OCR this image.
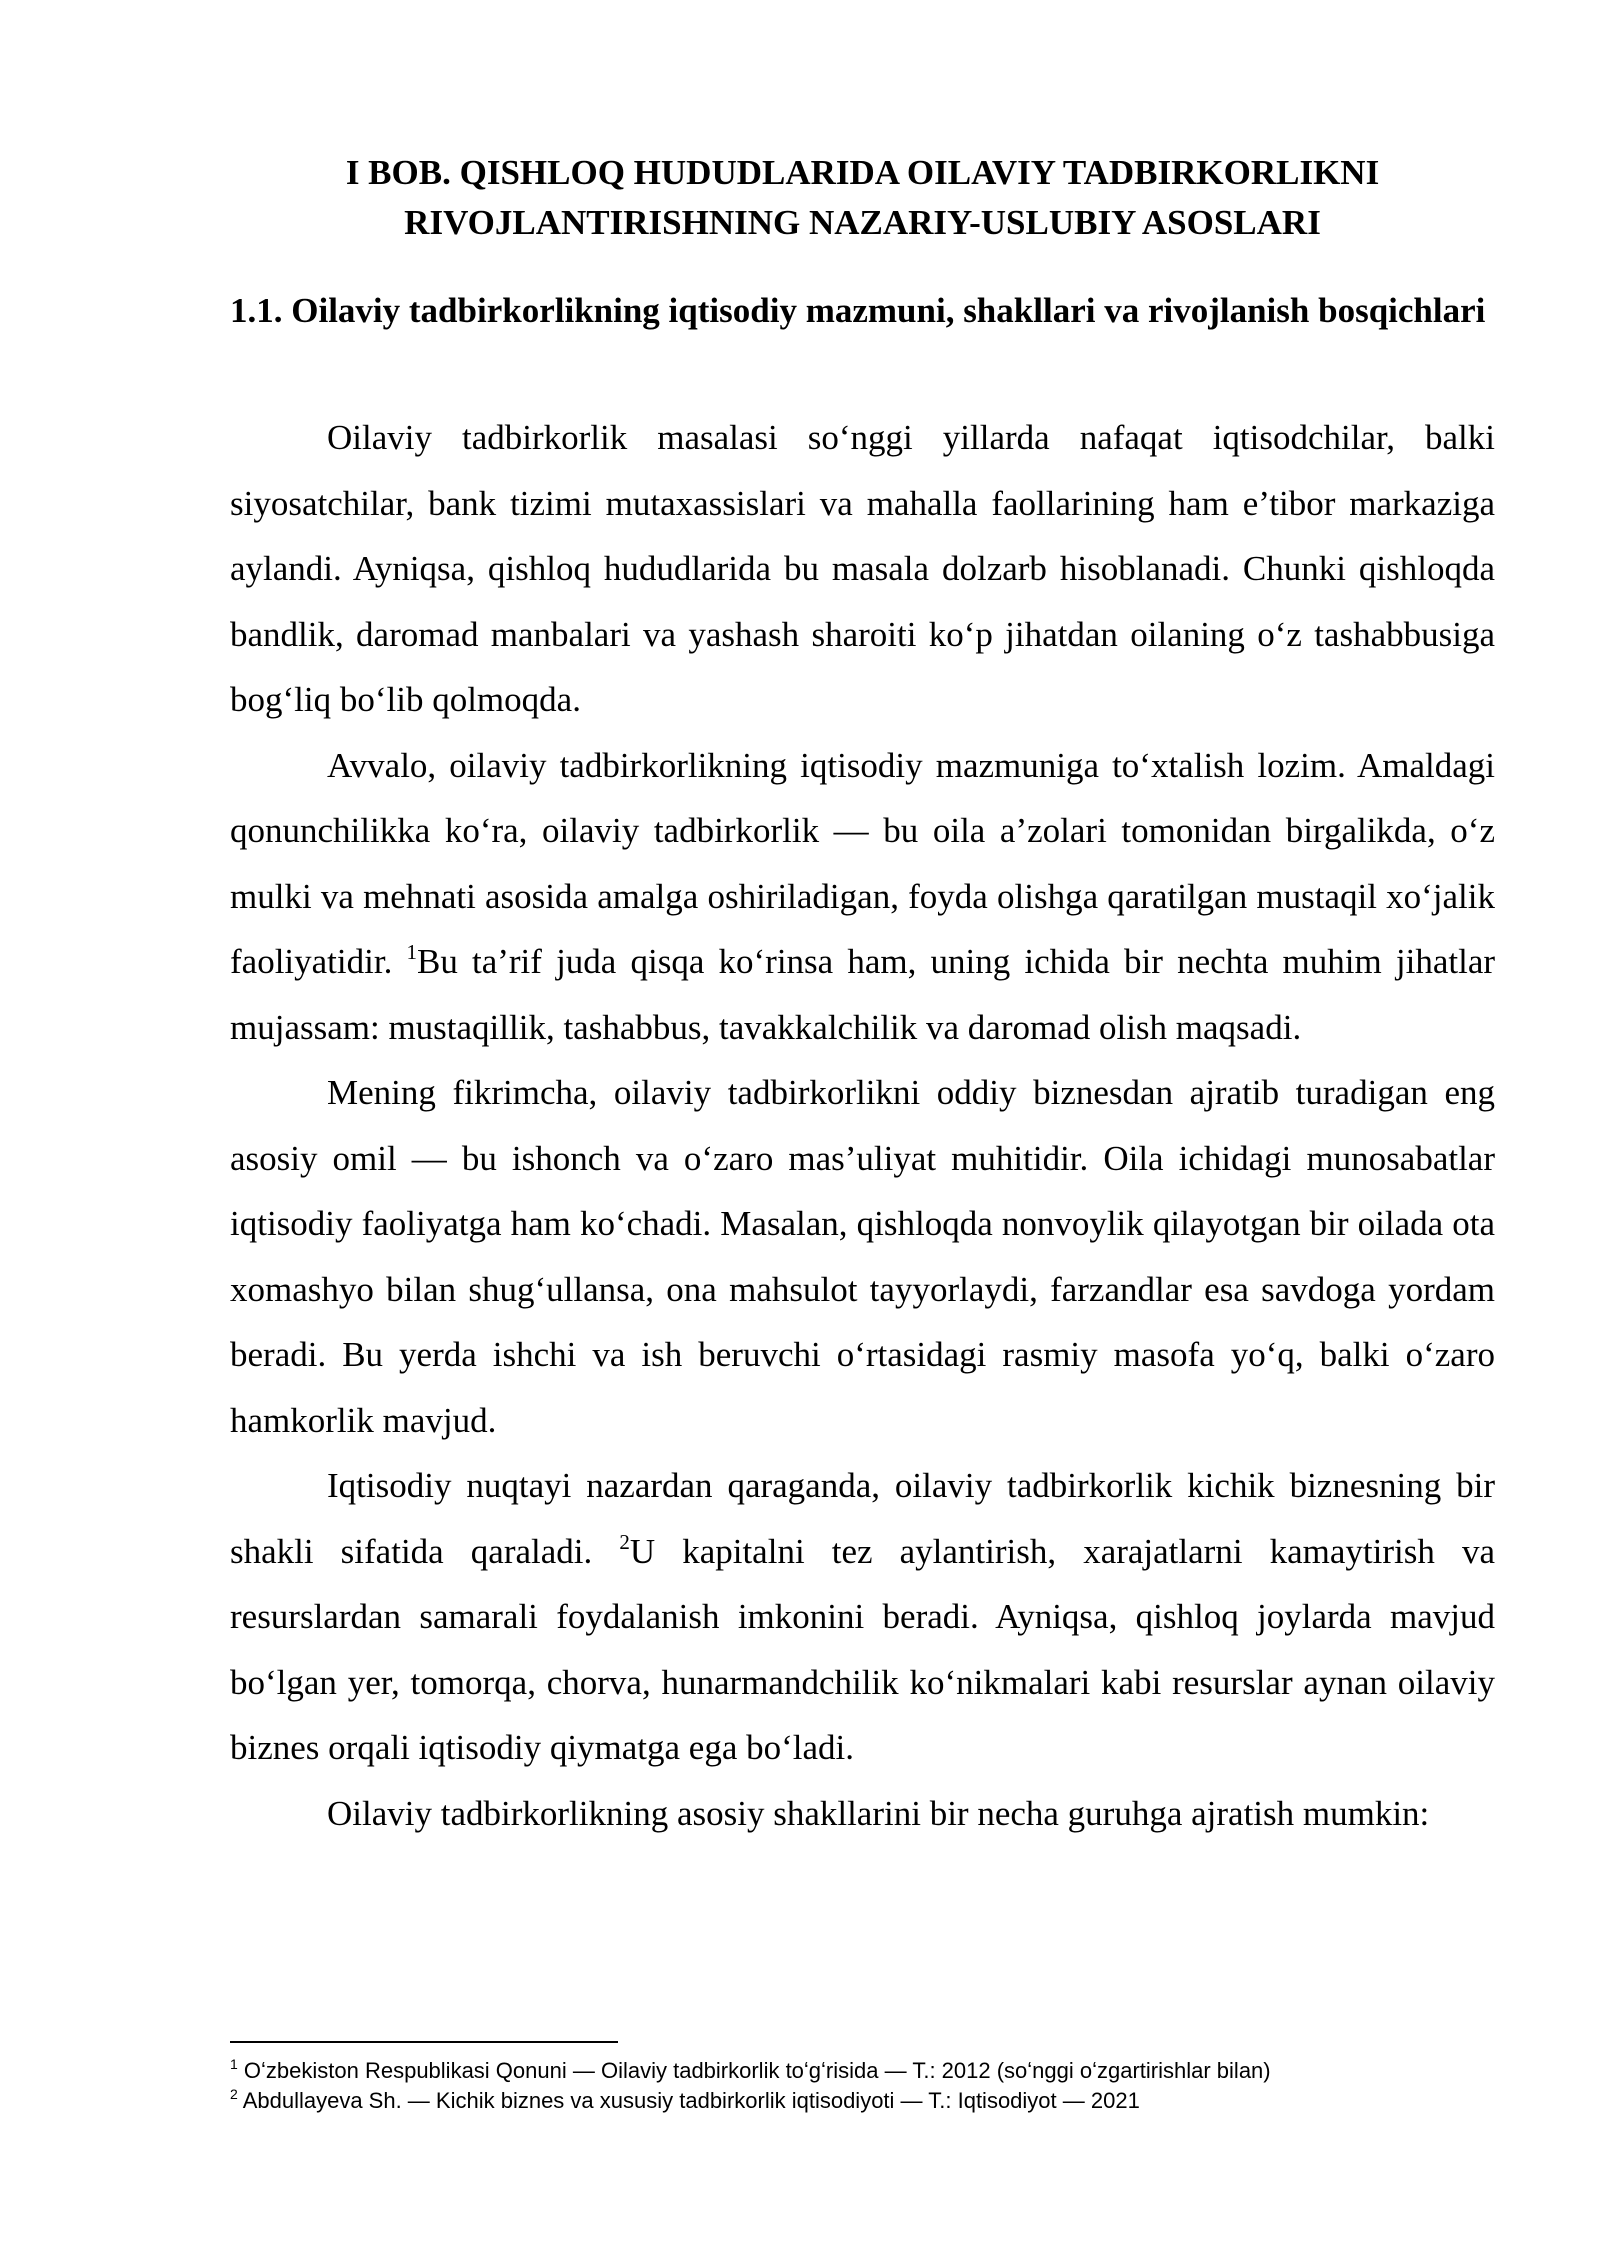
I BOB. QISHLOQ HUDUDLARIDA OILAVIY TADBIRKORLIKNI
RIVOJLANTIRISHNING NAZARIY-USLUBIY ASOSLARI
1.1. Oilaviy tadbirkorlikning iqtisodiy mazmuni, shakllari va rivojlanish bosqichlari

Oilaviy tadbirkorlik masalasi soʻnggi yillarda nafaqat iqtisodchilar, balki siyosatchilar, bank tizimi mutaxassislari va mahalla faollarining ham e’tibor markaziga aylandi. Ayniqsa, qishloq hududlarida bu masala dolzarb hisoblanadi. Chunki qishloqda bandlik, daromad manbalari va yashash sharoiti koʻp jihatdan oilaning oʻz tashabbusiga bogʻliq boʻlib qolmoqda.

Avvalo, oilaviy tadbirkorlikning iqtisodiy mazmuniga toʻxtalish lozim. Amaldagi qonunchilikka koʻra, oilaviy tadbirkorlik — bu oila a’zolari tomonidan birgalikda, oʻz mulki va mehnati asosida amalga oshiriladigan, foyda olishga qaratilgan mustaqil xoʻjalik faoliyatidir. $^1$Bu ta’rif juda qisqa koʻrinsa ham, uning ichida bir nechta muhim jihatlar mujassam: mustaqillik, tashabbus, tavakkalchilik va daromad olish maqsadi.

Mening fikrimcha, oilaviy tadbirkorlikni oddiy biznesdan ajratib turadigan eng asosiy omil — bu ishonch va oʻzaro mas’uliyat muhitidir. Oila ichidagi munosabatlar iqtisodiy faoliyatga ham koʻchadi. Masalan, qishloqda nonvoylik qilayotgan bir oilada ota xomashyo bilan shugʻullansa, ona mahsulot tayyorlaydi, farzandlar esa savdoga yordam beradi. Bu yerda ishchi va ish beruvchi oʻrtasidagi rasmiy masofa yoʻq, balki oʻzaro hamkorlik mavjud.

Iqtisodiy nuqtayi nazardan qaraganda, oilaviy tadbirkorlik kichik biznesning bir shakli sifatida qaraladi. $^2$U kapitalni tez aylantirish, xarajatlarni kamaytirish va resurslardan samarali foydalanish imkonini beradi. Ayniqsa, qishloq joylarda mavjud boʻlgan yer, tomorqa, chorva, hunarmandchilik koʻnikmalari kabi resurslar aynan oilaviy biznes orqali iqtisodiy qiymatga ega boʻladi.

Oilaviy tadbirkorlikning asosiy shakllarini bir necha guruhga ajratish mumkin:

$^1$ Oʻzbekiston Respublikasi Qonuni — Oilaviy tadbirkorlik toʻgʻrisida — T.: 2012 (soʻnggi oʻzgartirishlar bilan)

$^2$ Abdullayeva Sh. — Kichik biznes va xususiy tadbirkorlik iqtisodiyoti — T.: Iqtisodiyot — 2021
